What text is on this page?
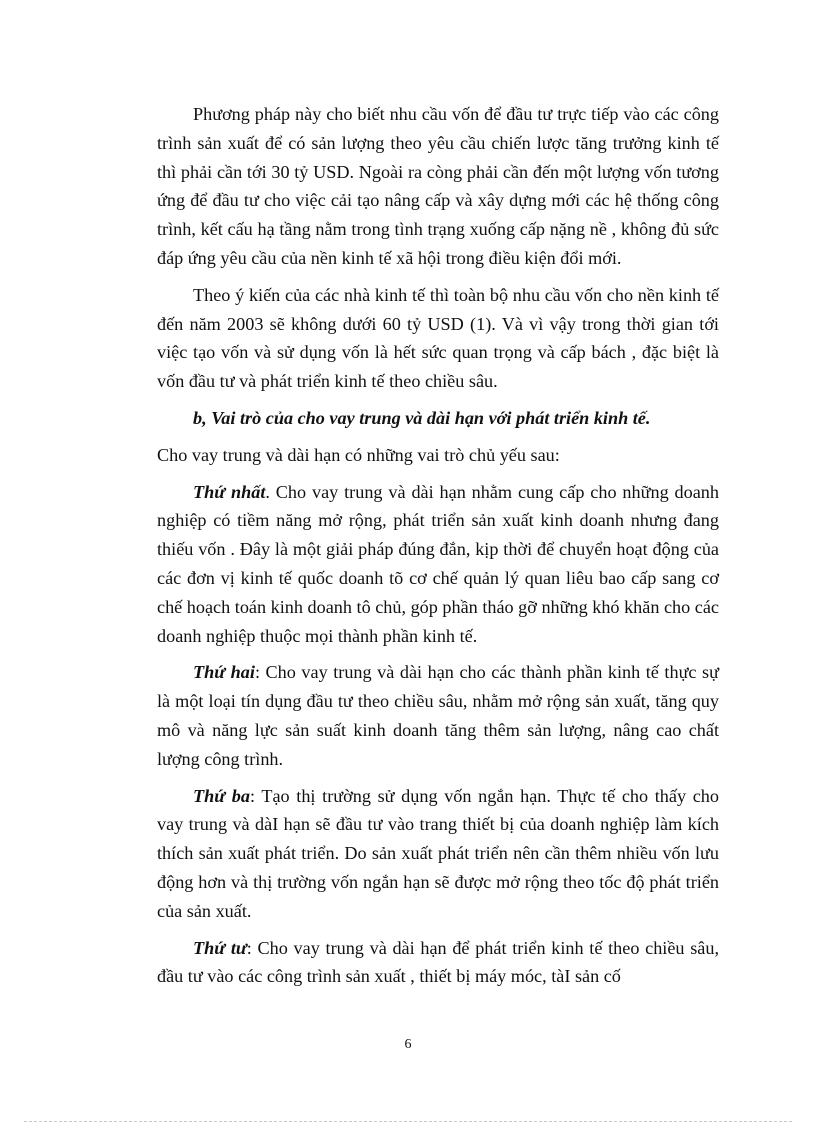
Phương pháp này cho biết nhu cầu vốn để đầu tư trực tiếp vào các công trình sản xuất để có sản lượng theo yêu cầu chiến lược tăng trưởng kinh tế thì phải cần tới 30 tỷ USD. Ngoài ra còng phải cần đến một lượng vốn tương ứng để đầu tư cho việc cải tạo nâng cấp và xây dựng mới các hệ thống công trình, kết cấu hạ tầng nằm trong tình trạng xuống cấp nặng nề , không đủ sức đáp ứng yêu cầu của nền kinh tế xã hội trong điều kiện đổi mới.

Theo ý kiến của các nhà kinh tế thì toàn bộ nhu cầu vốn cho nền kinh tế đến năm 2003 sẽ không dưới 60 tỷ USD (1). Và vì vậy trong thời gian tới việc tạo vốn và sử dụng vốn là hết sức quan trọng và cấp bách , đặc biệt là vốn đầu tư và phát triển kinh tế theo chiều sâu.

b, Vai trò của cho vay trung và dài hạn với phát triển kinh tế.

Cho vay trung và dài hạn có những vai trò chủ yếu sau:

Thứ nhất. Cho vay trung và dài hạn nhằm cung cấp cho những doanh nghiệp có tiềm năng mở rộng, phát triển sản xuất kinh doanh nhưng đang thiếu vốn . Đây là một giải pháp đúng đắn, kịp thời để chuyển hoạt động của các đơn vị kinh tế quốc doanh tõ cơ chế quản lý quan liêu bao cấp sang cơ chế hoạch toán kinh doanh tô chủ, góp phần tháo gỡ những khó khăn cho các doanh nghiệp thuộc mọi thành phần kinh tế.

Thứ hai: Cho vay trung và dài hạn cho các thành phần kinh tế thực sự là một loại tín dụng đầu tư theo chiều sâu, nhằm mở rộng sản xuất, tăng quy mô và năng lực sản suất kinh doanh tăng thêm sản lượng, nâng cao chất lượng công trình.

Thứ ba: Tạo thị trường sử dụng vốn ngắn hạn. Thực tế cho thấy cho vay trung và dàI hạn sẽ đầu tư vào trang thiết bị của doanh nghiệp làm kích thích sản xuất phát triển. Do sản xuất phát triển nên cần thêm nhiều vốn lưu động hơn và thị trường vốn ngắn hạn sẽ được mở rộng theo tốc độ phát triển của sản xuất.

Thứ tư: Cho vay trung và dài hạn để phát triển kinh tế theo chiều sâu, đầu tư vào các công trình sản xuất , thiết bị máy móc, tàI sản cố

6
